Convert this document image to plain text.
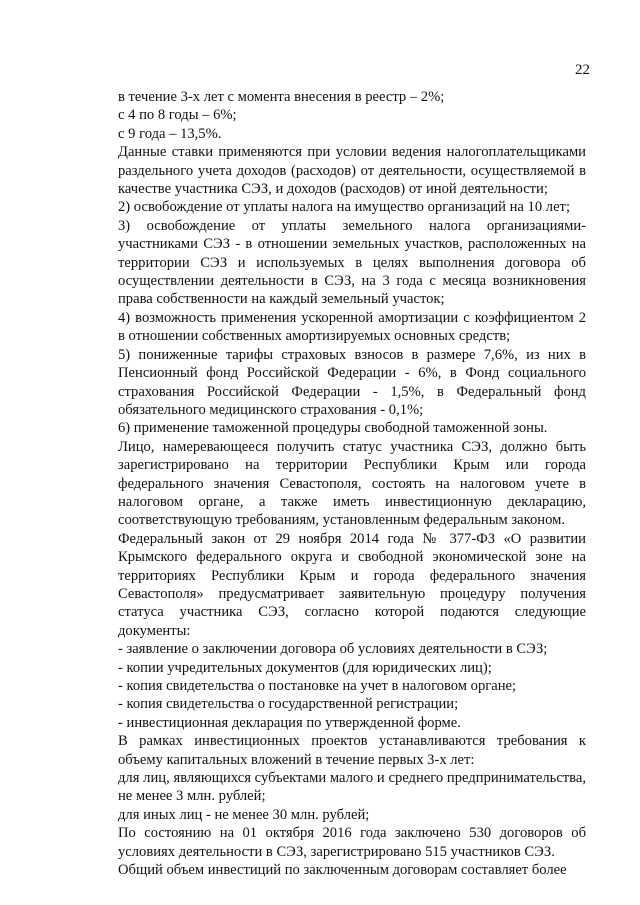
22

в течение 3-х лет с момента внесения в реестр – 2%;

с 4 по 8 годы – 6%;

с 9 года – 13,5%.

Данные ставки применяются при условии ведения налогоплательщиками раздельного учета доходов (расходов) от деятельности, осуществляемой в качестве участника СЭЗ, и доходов (расходов) от иной деятельности;

2) освобождение от уплаты налога на имущество организаций на 10 лет;

3) освобождение от уплаты земельного налога организациями-участниками СЭЗ - в отношении земельных участков, расположенных на территории СЭЗ и используемых в целях выполнения договора об осуществлении деятельности в СЭЗ, на 3 года с месяца возникновения права собственности на каждый земельный участок;

4) возможность применения ускоренной амортизации с коэффициентом 2 в отношении собственных амортизируемых основных средств;

5) пониженные тарифы страховых взносов в размере 7,6%, из них в Пенсионный фонд Российской Федерации - 6%, в Фонд социального страхования Российской Федерации - 1,5%, в Федеральный фонд обязательного медицинского страхования - 0,1%;

6) применение таможенной процедуры свободной таможенной зоны.

Лицо, намеревающееся получить статус участника СЭЗ, должно быть зарегистрировано на территории Республики Крым или города федерального значения Севастополя, состоять на налоговом учете в налоговом органе, а также иметь инвестиционную декларацию, соответствующую требованиям, установленным федеральным законом.

Федеральный закон от 29 ноября 2014 года № 377-ФЗ «О развитии Крымского федерального округа и свободной экономической зоне на территориях Республики Крым и города федерального значения Севастополя» предусматривает заявительную процедуру получения статуса участника СЭЗ, согласно которой подаются следующие документы:

- заявление о заключении договора об условиях деятельности в СЭЗ;

- копии учредительных документов (для юридических лиц);

- копия свидетельства о постановке на учет в налоговом органе;

- копия свидетельства о государственной регистрации;

- инвестиционная декларация по утвержденной форме.

В рамках инвестиционных проектов устанавливаются требования к объему капитальных вложений в течение первых 3-х лет:

для лиц, являющихся субъектами малого и среднего предпринимательства, не менее 3 млн. рублей;

для иных лиц - не менее 30 млн. рублей;

По состоянию на 01 октября 2016 года заключено 530 договоров об условиях деятельности в СЭЗ, зарегистрировано 515 участников СЭЗ.

Общий объем инвестиций по заключенным договорам составляет более
